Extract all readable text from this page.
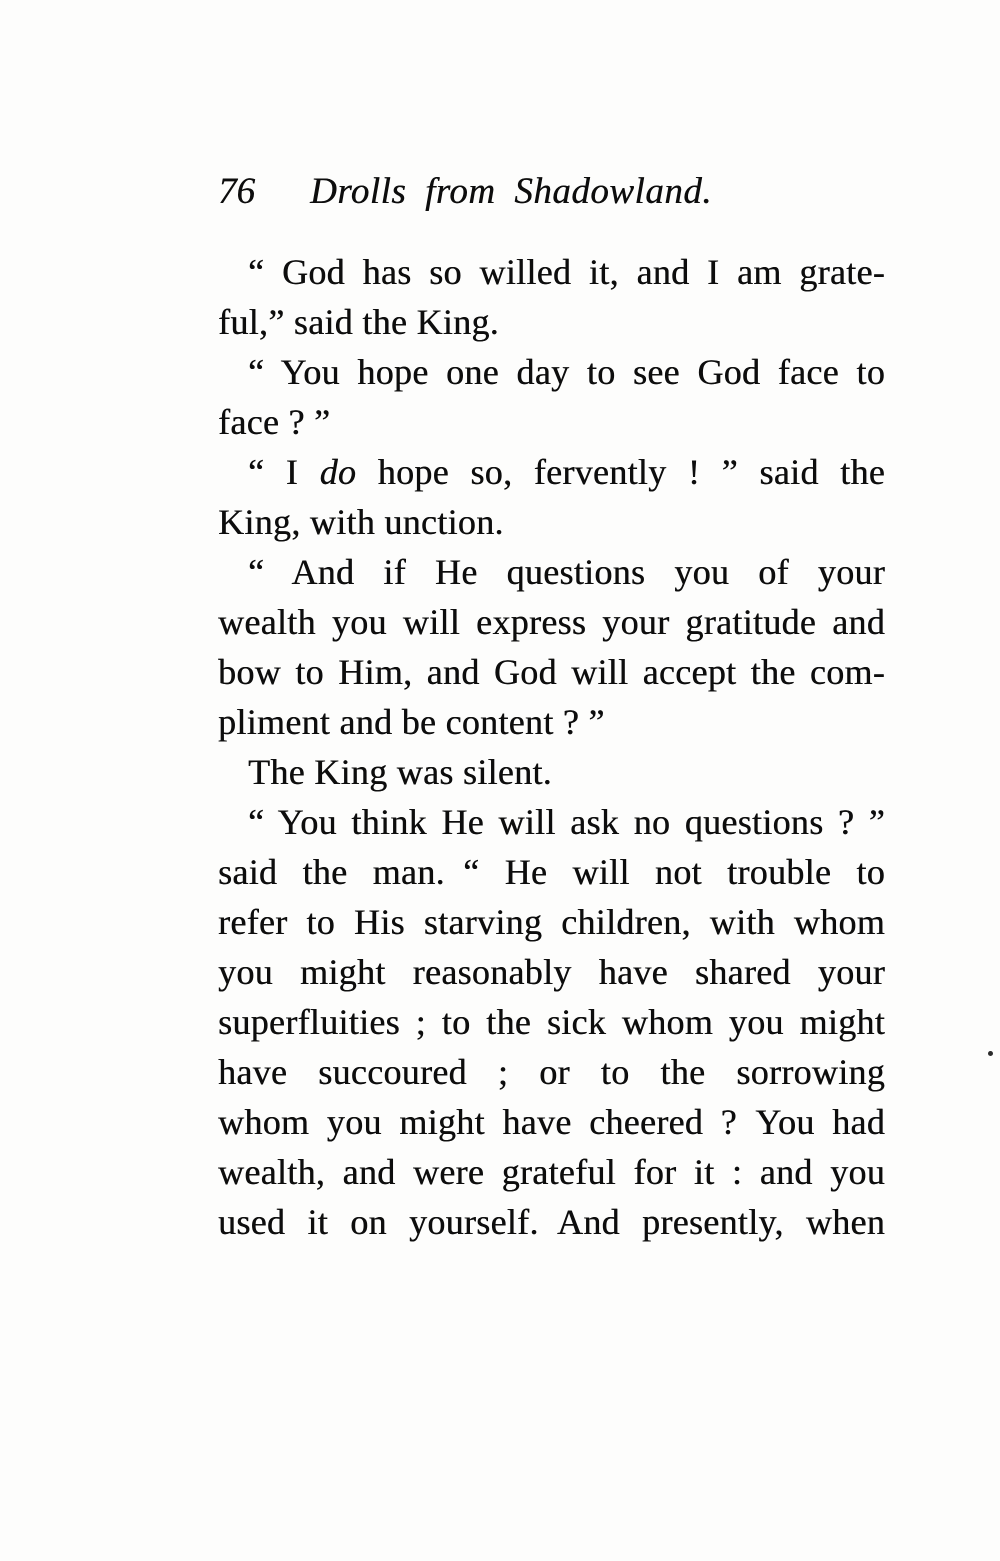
76 Drolls from Shadowland.
“ God has so willed it, and I am grate-
ful,” said the King.
“ You hope one day to see God face to
face ? ”
“ I do hope so, fervently ! ” said the
King, with unction.
“ And if He questions you of your
wealth you will express your gratitude and
bow to Him, and God will accept the com-
pliment and be content ? ”
The King was silent.
“ You think He will ask no questions ? ”
said the man. “ He will not trouble to
refer to His starving children, with whom
you might reasonably have shared your
superfluities ; to the sick whom you might
have succoured ; or to the sorrowing
whom you might have cheered ? You had
wealth, and were grateful for it : and you
used it on yourself. And presently, when
